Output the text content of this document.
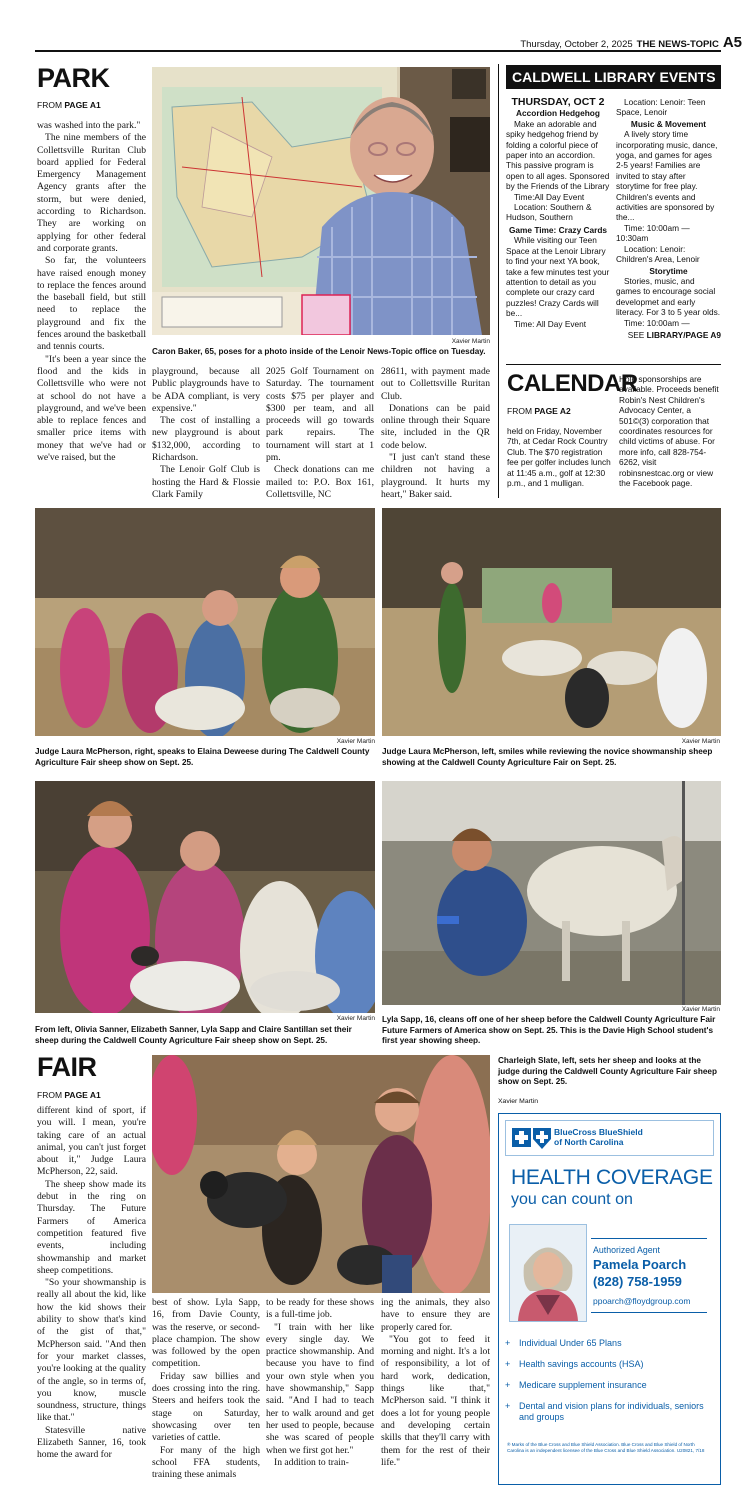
Thursday, October 2, 2025 THE NEWS-TOPIC A5
PARK
FROM PAGE A1

was washed into the park."

The nine members of the Collettsville Ruritan Club board applied for Federal Emergency Management Agency grants after the storm, but were denied, according to Richardson. They are working on applying for other federal and corporate grants.

So far, the volunteers have raised enough money to replace the fences around the baseball field, but still need to replace the playground and fix the fences around the basketball and tennis courts.

"It's been a year since the flood and the kids in Collettsville who were not at school do not have a playground, and we've been able to replace fences and smaller price items with money that we've had or we've raised, but the

Xavier Martin
Caron Baker, 65, poses for a photo inside of the Lenoir News-Topic office on Tuesday.

playground, because all Public playgrounds have to be ADA compliant, is very expensive."

The cost of installing a new playground is about $132,000, according to Richardson.

The Lenoir Golf Club is hosting the Hard & Flossie Clark Family

2025 Golf Tournament on Saturday. The tournament costs $75 per player and $300 per team, and all proceeds will go towards park repairs. The tournament will start at 1 pm.

Check donations can me mailed to: P.O. Box 161, Collettsville, NC

28611, with payment made out to Collettsville Ruritan Club.

Donations can be paid online through their Square site, included in the QR code below.

"I just can't stand these children not having a playground. It hurts my heart," Baker said.

CALDWELL LIBRARY EVENTS

THURSDAY, OCT 2

Accordion Hedgehog

Make an adorable and spiky hedgehog friend by folding a colorful piece of paper into an accordion. This passive program is open to all ages. Sponsored by the Friends of the Library

Time:All Day Event

Location: Southern & Hudson, Southern

Game Time: Crazy Cards

While visiting our Teen Space at the Lenoir Library to find your next YA book, take a few minutes test your attention to detail as you complete our crazy card puzzles! Crazy Cards will be...

Time: All Day Event

Location: Lenoir: Teen Space, Lenoir

Music & Movement

A lively story time incorporating music, dance, yoga, and games for ages 2-5 years! Families are invited to stay after storytime for free play. Children's events and activities are sponsored by the...

Time: 10:00am — 10:30am

Location: Lenoir: Children's Area, Lenoir

Storytime

Stories, music, and games to encourage social developmet and early literacy. For 3 to 5 year olds.

Time: 10:00am —

SEE LIBRARY/PAGE A9

CALENDAR
FROM PAGE A2

held on Friday, November 7th, at Cedar Rock Country Club. The $70 registration fee per golfer includes lunch at 11:45 a.m., golf at 12:30 p.m., and 1 mulligan.

Hole sponsorships are available. Proceeds benefit Robin's Nest Children's Advocacy Center, a 501©(3) corporation that coordinates resources for child victims of abuse. For more info, call 828-754-6262, visit robinsnestcac.org or view the Facebook page.

Xavier Martin
Judge Laura McPherson, right, speaks to Elaina Deweese during The Caldwell County Agriculture Fair sheep show on Sept. 25.
Xavier Martin
Judge Laura McPherson, left, smiles while reviewing the novice showmanship sheep showing at the Caldwell County Agriculture Fair on Sept. 25.
Xavier Martin
From left, Olivia Sanner, Elizabeth Sanner, Lyla Sapp and Claire Santillan set their sheep during the Caldwell County Agriculture Fair sheep show on Sept. 25.
Xavier Martin
Lyla Sapp, 16, cleans off one of her sheep before the Caldwell County Agriculture Fair Future Farmers of America show on Sept. 25. This is the Davie High School student's first year showing sheep.
FAIR
FROM PAGE A1

different kind of sport, if you will. I mean, you're taking care of an actual animal, you can't just forget about it," Judge Laura McPherson, 22, said.

The sheep show made its debut in the ring on Thursday. The Future Farmers of America competition featured five events, including showmanship and market sheep competitions.

"So your showmanship is really all about the kid, like how the kid shows their ability to show that's kind of the gist of that," McPherson said. "And then for your market classes, you're looking at the quality of the angle, so in terms of, you know, muscle soundness, structure, things like that."

Statesville native Elizabeth Sanner, 16, took home the award for

best of show. Lyla Sapp, 16, from Davie County, was the reserve, or second-place champion. The show was followed by the open competition.

Friday saw billies and does crossing into the ring. Steers and heifers took the stage on Saturday, showcasing over ten varieties of cattle.

For many of the high school FFA students, training these animals

to be ready for these shows is a full-time job.

"I train with her like every single day. We practice showmanship. And because you have to find your own style when you have showmanship," Sapp said. "And I had to teach her to walk around and get her used to people, because she was scared of people when we first got her."

In addition to train-

ing the animals, they also have to ensure they are properly cared for.

"You got to feed it morning and night. It's a lot of responsibility, a lot of hard work, dedication, things like that," McPherson said. "I think it does a lot for young people and developing certain skills that they'll carry with them for the rest of their life."

Charleigh Slate, left, sets her sheep and looks at the judge during the Caldwell County Agriculture Fair sheep show on Sept. 25.
Xavier Martin
BlueCross BlueShield
of North Carolina
HEALTH COVERAGE
you can count on
Authorized Agent
Pamela Poarch
(828) 758-1959
ppoarch@floydgroup.com
+ Individual Under 65 Plans
+ Health savings accounts (HSA)
+ Medicare supplement insurance
+ Dental and vision plans for individuals, seniors and groups
® Marks of the Blue Cross and Blue Shield Association. Blue Cross and Blue Shield of North Carolina is an independent licensee of the Blue Cross and Blue Shield Association. U20821, 7/18
